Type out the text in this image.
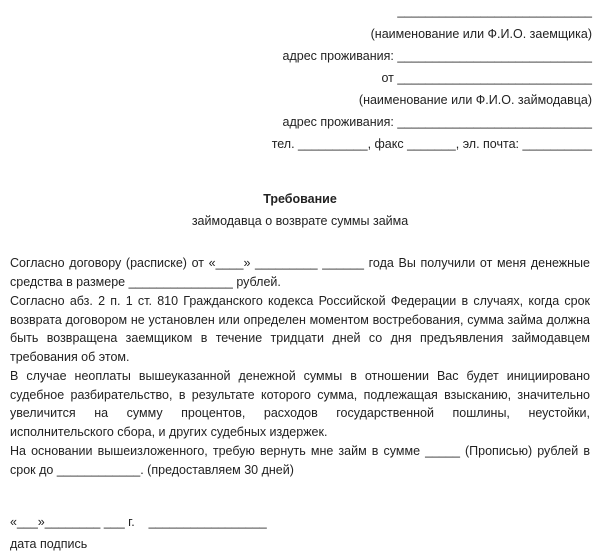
____________________________
(наименование или Ф.И.О. заемщика)
адрес проживания: ____________________________
от ____________________________
(наименование или Ф.И.О. займодавца)
адрес проживания: ____________________________
тел. __________, факс _______, эл. почта: __________
Требование
займодавца о возврате суммы займа

Согласно договору (расписке) от «____» _________ ______ года Вы получили от меня денежные средства в размере _______________ рублей.

Согласно абз. 2 п. 1 ст. 810 Гражданского кодекса Российской Федерации в случаях, когда срок возврата договором не установлен или определен моментом востребования, сумма займа должна быть возвращена заемщиком в течение тридцати дней со дня предъявления займодавцем требования об этом.

В случае неоплаты вышеуказанной денежной суммы в отношении Вас будет инициировано судебное разбирательство, в результате которого сумма, подлежащая взысканию, значительно увеличится на сумму процентов, расходов государственной пошлины, неустойки, исполнительского сбора, и других судебных издержек.

На основании вышеизложенного, требую вернуть мне займ в сумме _____ (Прописью) рублей в срок до ____________. (предоставляем 30 дней)

«___»________ ___ г.    _________________
дата подпись
